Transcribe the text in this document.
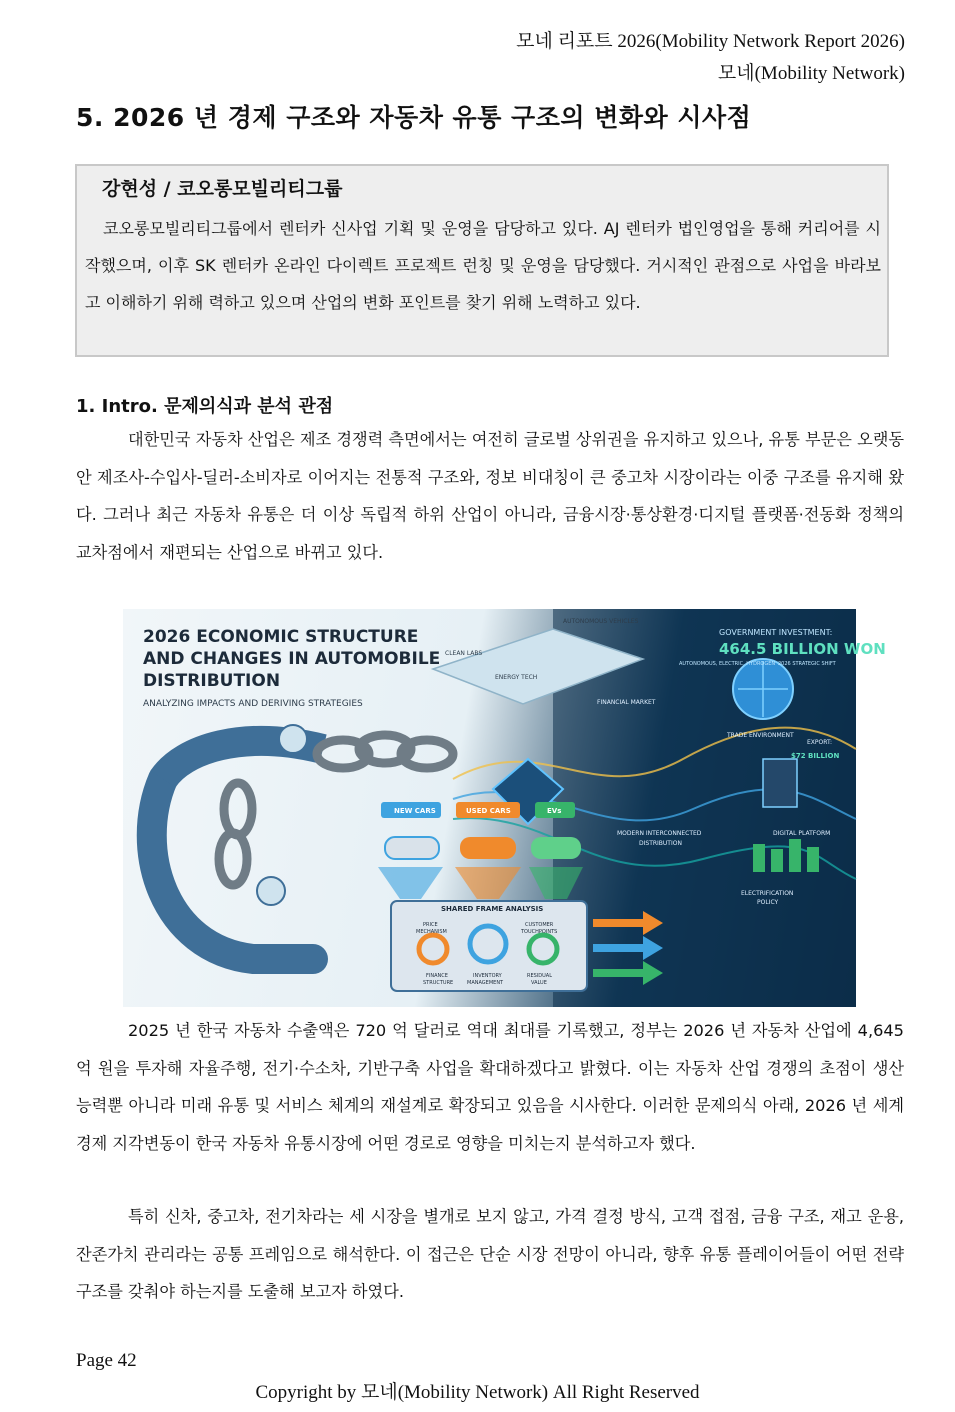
모네 리포트 2026(Mobility Network Report 2026)
모네(Mobility Network)
5. 2026 년 경제 구조와 자동차 유통 구조의 변화와 시사점
강현성 / 코오롱모빌리티그룹
코오롱모빌리티그룹에서 렌터카 신사업 기획 및 운영을 담당하고 있다. AJ 렌터카 법인영업을 통해 커리어를 시작했으며, 이후 SK 렌터카 온라인 다이렉트 프로젝트 런칭 및 운영을 담당했다. 거시적인 관점으로 사업을 바라보고 이해하기 위해 력하고 있으며 산업의 변화 포인트를 찾기 위해 노력하고 있다.
1. Intro. 문제의식과 분석 관점

대한민국 자동차 산업은 제조 경쟁력 측면에서는 여전히 글로벌 상위권을 유지하고 있으나, 유통 부문은 오랫동안 제조사-수입사-딜러-소비자로 이어지는 전통적 구조와, 정보 비대칭이 큰 중고차 시장이라는 이중 구조를 유지해 왔다. 그러나 최근 자동차 유통은 더 이상 독립적 하위 산업이 아니라, 금융시장·통상환경·디지털 플랫폼·전동화 정책의 교차점에서 재편되는 산업으로 바뀌고 있다.

2026 ECONOMIC STRUCTURE
AND CHANGES IN AUTOMOBILE
DISTRIBUTION
ANALYZING IMPACTS AND DERIVING STRATEGIES
GOVERNMENT INVESTMENT:
464.5 BILLION WON
AUTONOMOUS, ELECTRIC, HYDROGEN 2026 STRATEGIC SHIFT
CLEAN LABS
ENERGY TECH
AUTONOMOUS VEHICLES
FINANCIAL MARKET
TRADE ENVIRONMENT
EXPORT:
$72 BILLION
MODERN INTERCONNECTED
DISTRIBUTION
DIGITAL PLATFORM
ELECTRIFICATION
POLICY
NEW CARS	USED CARS	EVs
SHARED FRAME ANALYSIS
PRICE
MECHANISM
CUSTOMER
TOUCHPOINTS
FINANCE
STRUCTURE
INVENTORY
MANAGEMENT
RESIDUAL
VALUE

2025 년 한국 자동차 수출액은 720 억 달러로 역대 최대를 기록했고, 정부는 2026 년 자동차 산업에 4,645 억 원을 투자해 자율주행, 전기·수소차, 기반구축 사업을 확대하겠다고 밝혔다. 이는 자동차 산업 경쟁의 초점이 생산 능력뿐 아니라 미래 유통 및 서비스 체계의 재설계로 확장되고 있음을 시사한다. 이러한 문제의식 아래, 2026 년 세계경제 지각변동이 한국 자동차 유통시장에 어떤 경로로 영향을 미치는지 분석하고자 했다.

특히 신차, 중고차, 전기차라는 세 시장을 별개로 보지 않고, 가격 결정 방식, 고객 접점, 금융 구조, 재고 운용, 잔존가치 관리라는 공통 프레임으로 해석한다. 이 접근은 단순 시장 전망이 아니라, 향후 유통 플레이어들이 어떤 전략 구조를 갖춰야 하는지를 도출해 보고자 하였다.

Page 42
Copyright by 모네(Mobility Network) All Right Reserved
